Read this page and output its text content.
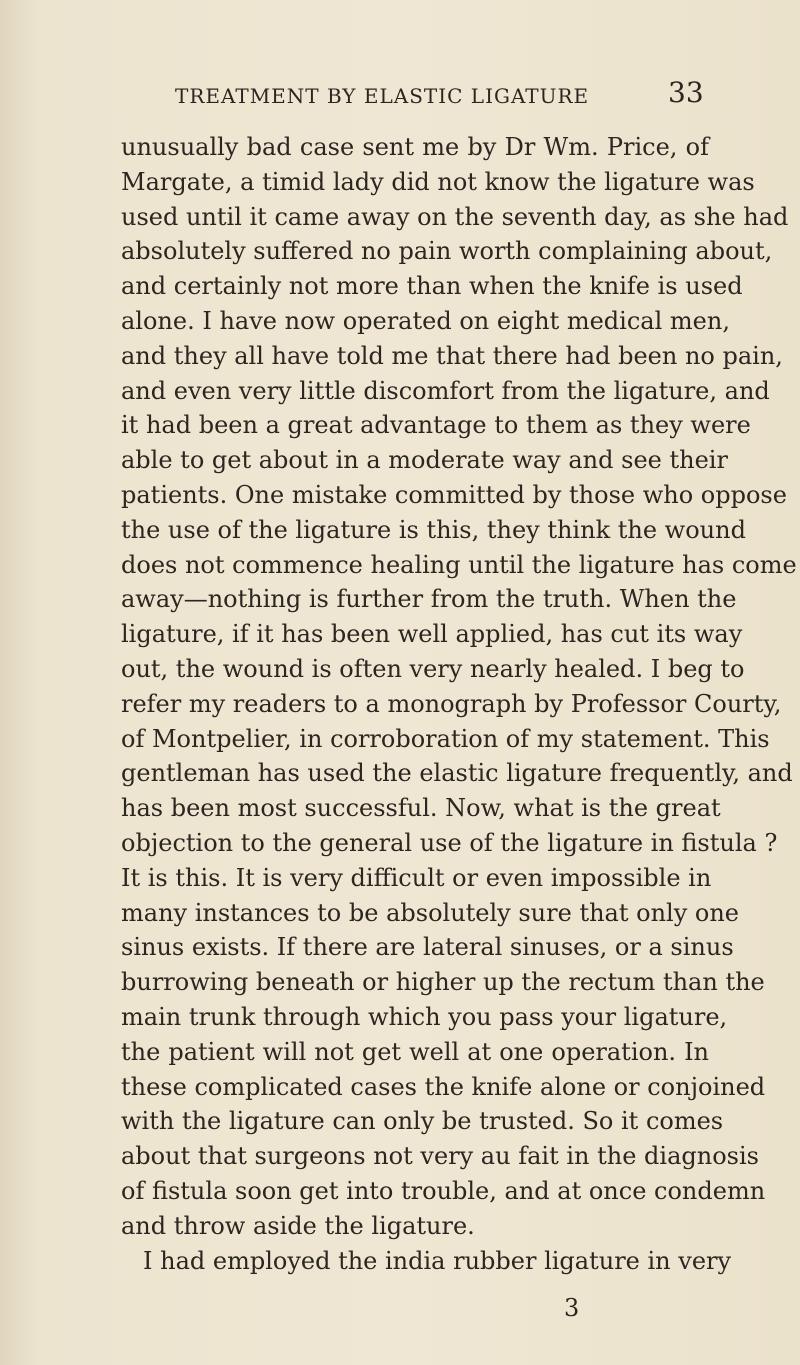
TREATMENT BY ELASTIC LIGATURE	33
unusually bad case sent me by Dr Wm. Price, of
Margate, a timid lady did not know the ligature was
used until it came away on the seventh day, as she had
absolutely suffered no pain worth complaining about,
and certainly not more than when the knife is used
alone. I have now operated on eight medical men,
and they all have told me that there had been no pain,
and even very little discomfort from the ligature, and
it had been a great advantage to them as they were
able to get about in a moderate way and see their
patients. One mistake committed by those who oppose
the use of the ligature is this, they think the wound
does not commence healing until the ligature has come
away—nothing is further from the truth. When the
ligature, if it has been well applied, has cut its way
out, the wound is often very nearly healed. I beg to
refer my readers to a monograph by Professor Courty,
of Montpelier, in corroboration of my statement. This
gentleman has used the elastic ligature frequently, and
has been most successful. Now, what is the great
objection to the general use of the ligature in fistula ?
It is this. It is very difficult or even impossible in
many instances to be absolutely sure that only one
sinus exists. If there are lateral sinuses, or a sinus
burrowing beneath or higher up the rectum than the
main trunk through which you pass your ligature,
the patient will not get well at one operation. In
these complicated cases the knife alone or conjoined
with the ligature can only be trusted. So it comes
about that surgeons not very au fait in the diagnosis
of fistula soon get into trouble, and at once condemn
and throw aside the ligature.
I had employed the india rubber ligature in very
3
